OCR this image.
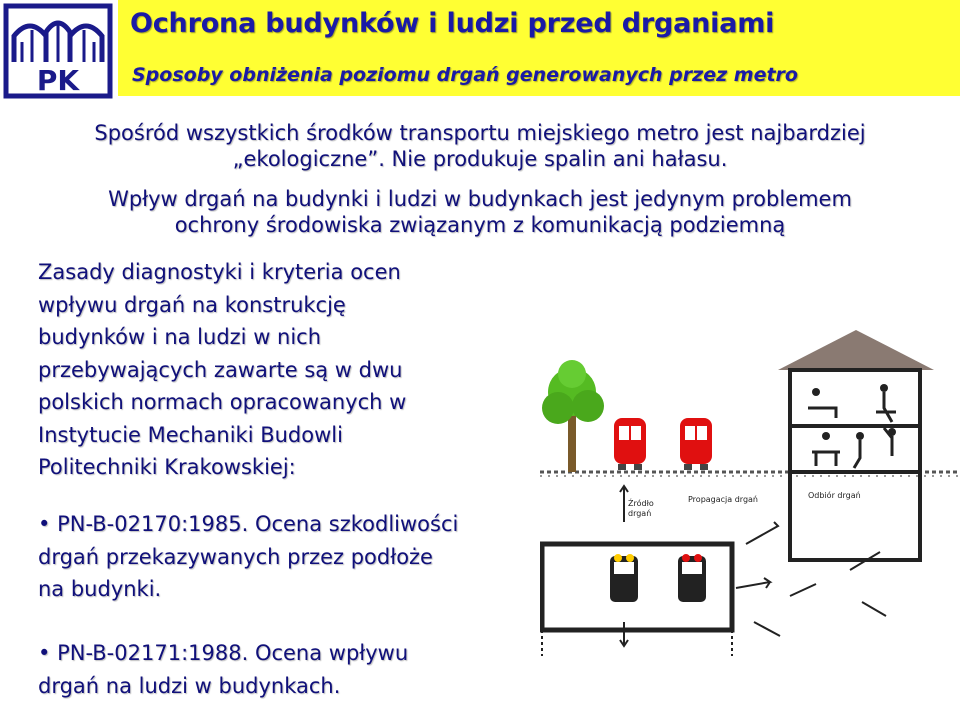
PK
Ochrona budynków i ludzi przed drganiami
Sposoby obniżenia poziomu drgań generowanych przez metro

Spośród wszystkich środków transportu miejskiego metro jest najbardziej
„ekologiczne”. Nie produkuje spalin ani hałasu.

Wpływ drgań na budynki i ludzi w budynkach jest jedynym problemem
ochrony środowiska związanym z komunikacją podziemną

Zasady diagnostyki i kryteria ocen
wpływu drgań na konstrukcję
budynków i na ludzi w nich
przebywających zawarte są w dwu
polskich normach opracowanych w
Instytucie Mechaniki Budowli
Politechniki Krakowskiej:

• PN-B-02170:1985. Ocena szkodliwości
drgań przekazywanych przez podłoże
na budynki.
• PN-B-02171:1988. Ocena wpływu
drgań na ludzi w budynkach.
Źródło
drgań
Propagacja drgań	Odbiór drgań
